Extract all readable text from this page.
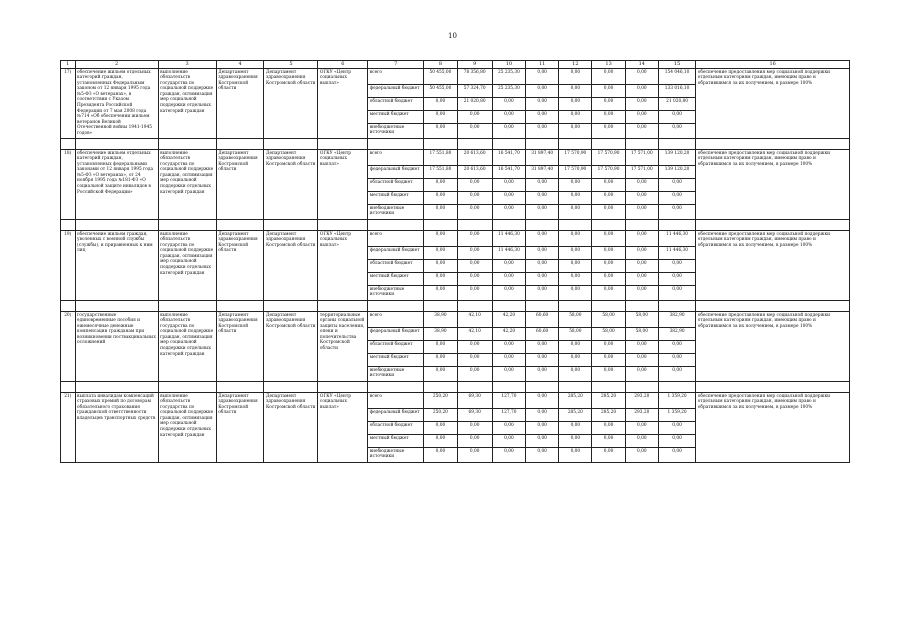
10
1	2	3	4	5	6	7	8	9	10	11	12	13	14	15	16
17)	обеспечение жильем отдельных категорий граждан, установленных Федеральным законом от 12 января 1995 года №5-ФЗ «О ветеранах», в соответствии с Указом Президента Российской Федерации от 7 мая 2008 года №714 «Об обеспечении жильем ветеранов Великой Отечественной войны 1941-1945 годов»	выполнение обязательств государства по социальной поддержке граждан, оптимизация мер социальной поддержки отдельных категорий граждан	Департамент здравоохранения Костромской области	Департамент здравоохранения Костромской области	ОГКУ «Центр социальных выплат»	всего	50 455,00	78 356,80	25 235,30	0,00	0,00	0,00	0,00	154 046,10	обеспечение предоставления мер социальной поддержки отдельным категориям граждан, имеющим право и обратившимся за их получением, в размере 100%
						федеральный бюджет	50 455,00	57 324,70	25 235,30	0,00	0,00	0,00	0,00	133 016,10	
						областной бюджет	0,00	21 020,80	0,00	0,00	0,00	0,00	0,00	21 020,80	
						местный бюджет	0,00	0,00	0,00	0,00	0,00	0,00	0,00	0,00	
						внебюджетные источники	0,00	0,00	0,00	0,00	0,00	0,00	0,00	0,00	

18)	обеспечение жильем отдельных категорий граждан, установленных федеральными законами от 12 января 1995 года №5-ФЗ «О ветеранах», от 24 ноября 1995 года №181-ФЗ «О социальной защите инвалидов в Российской Федерации»	выполнение обязательств государства по социальной поддержке граждан, оптимизация мер социальной поддержки отдельных категорий граждан	Департамент здравоохранения Костромской области	Департамент здравоохранения Костромской области	ОГКУ «Центр социальных выплат»	всего	17 551,80	20 613,60	16 541,70	31 897,40	17 570,90	17 570,90	17 571,00	139 120,20	обеспечение предоставления мер социальной поддержки отдельным категориям граждан, имеющим право и обратившимся за их получением, в размере 100%
						федеральный бюджет	17 551,80	20 613,60	16 541,70	31 897,40	17 570,90	17 570,90	17 571,00	139 120,20	
						областной бюджет	0,00	0,00	0,00	0,00	0,00	0,00	0,00	0,00	
						местный бюджет	0,00	0,00	0,00	0,00	0,00	0,00	0,00	0,00	
						внебюджетные источники	0,00	0,00	0,00	0,00	0,00	0,00	0,00	0,00	

19)	обеспечение жильем граждан, уволенных с военной службы (службы), и приравненных к ним лиц	выполнение обязательств государства по социальной поддержке граждан, оптимизация мер социальной поддержки отдельных категорий граждан	Департамент здравоохранения Костромской области	Департамент здравоохранения Костромской области	ОГКУ «Центр социальных выплат»	всего	0,00	0,00	11 446,30	0,00	0,00	0,00	0,00	11 446,30	обеспечение предоставления мер социальной поддержки отдельным категориям граждан, имеющим право и обратившимся за их получением, в размере 100%
						федеральный бюджет	0,00	0,00	11 446,30	0,00	0,00	0,00	0,00	11 446,30	
						областной бюджет	0,00	0,00	0,00	0,00	0,00	0,00	0,00	0,00	
						местный бюджет	0,00	0,00	0,00	0,00	0,00	0,00	0,00	0,00	
						внебюджетные источники	0,00	0,00	0,00	0,00	0,00	0,00	0,00	0,00	

20)	государственные единовременные пособия и ежемесячные денежные компенсации гражданам при возникновении поствакцинальных осложнений	выполнение обязательств государства по социальной поддержке граждан, оптимизация мер социальной поддержки отдельных категорий граждан	Департамент здравоохранения Костромской области	Департамент здравоохранения Костромской области	территориальные органы социальной защиты населения, опеки и попечительства Костромской области	всего	38,90	42,10	42,20	60,60	58,00	58,00	58,00	382,90	обеспечение предоставления мер социальной поддержки отдельным категориям граждан, имеющим право и обратившимся за их получением, в размере 100%
						федеральный бюджет	38,90	42,10	42,20	60,60	58,00	58,00	58,00	382,90	
						областной бюджет	0,00	0,00	0,00	0,00	0,00	0,00	0,00	0,00	
						местный бюджет	0,00	0,00	0,00	0,00	0,00	0,00	0,00	0,00	
						внебюджетные источники	0,00	0,00	0,00	0,00	0,00	0,00	0,00	0,00	

21)	выплата инвалидам компенсаций страховых премий по договорам обязательного страхования гражданской ответственности владельцев транспортных средств	выполнение обязательств государства по социальной поддержке граждан, оптимизация мер социальной поддержки отдельных категорий граждан	Департамент здравоохранения Костромской области	Департамент здравоохранения Костромской области	ОГКУ «Центр социальных выплат»	всего	250,20	69,30	127,70	0,00	285,20	285,20	293,20	1 359,20	обеспечение предоставления мер социальной поддержки отдельным категориям граждан, имеющим право и обратившимся за их получением, в размере 100%
						федеральный бюджет	250,20	69,30	127,70	0,00	285,20	285,20	293,20	1 359,20	
						областной бюджет	0,00	0,00	0,00	0,00	0,00	0,00	0,00	0,00	
						местный бюджет	0,00	0,00	0,00	0,00	0,00	0,00	0,00	0,00	
						внебюджетные источники	0,00	0,00	0,00	0,00	0,00	0,00	0,00	0,00	
